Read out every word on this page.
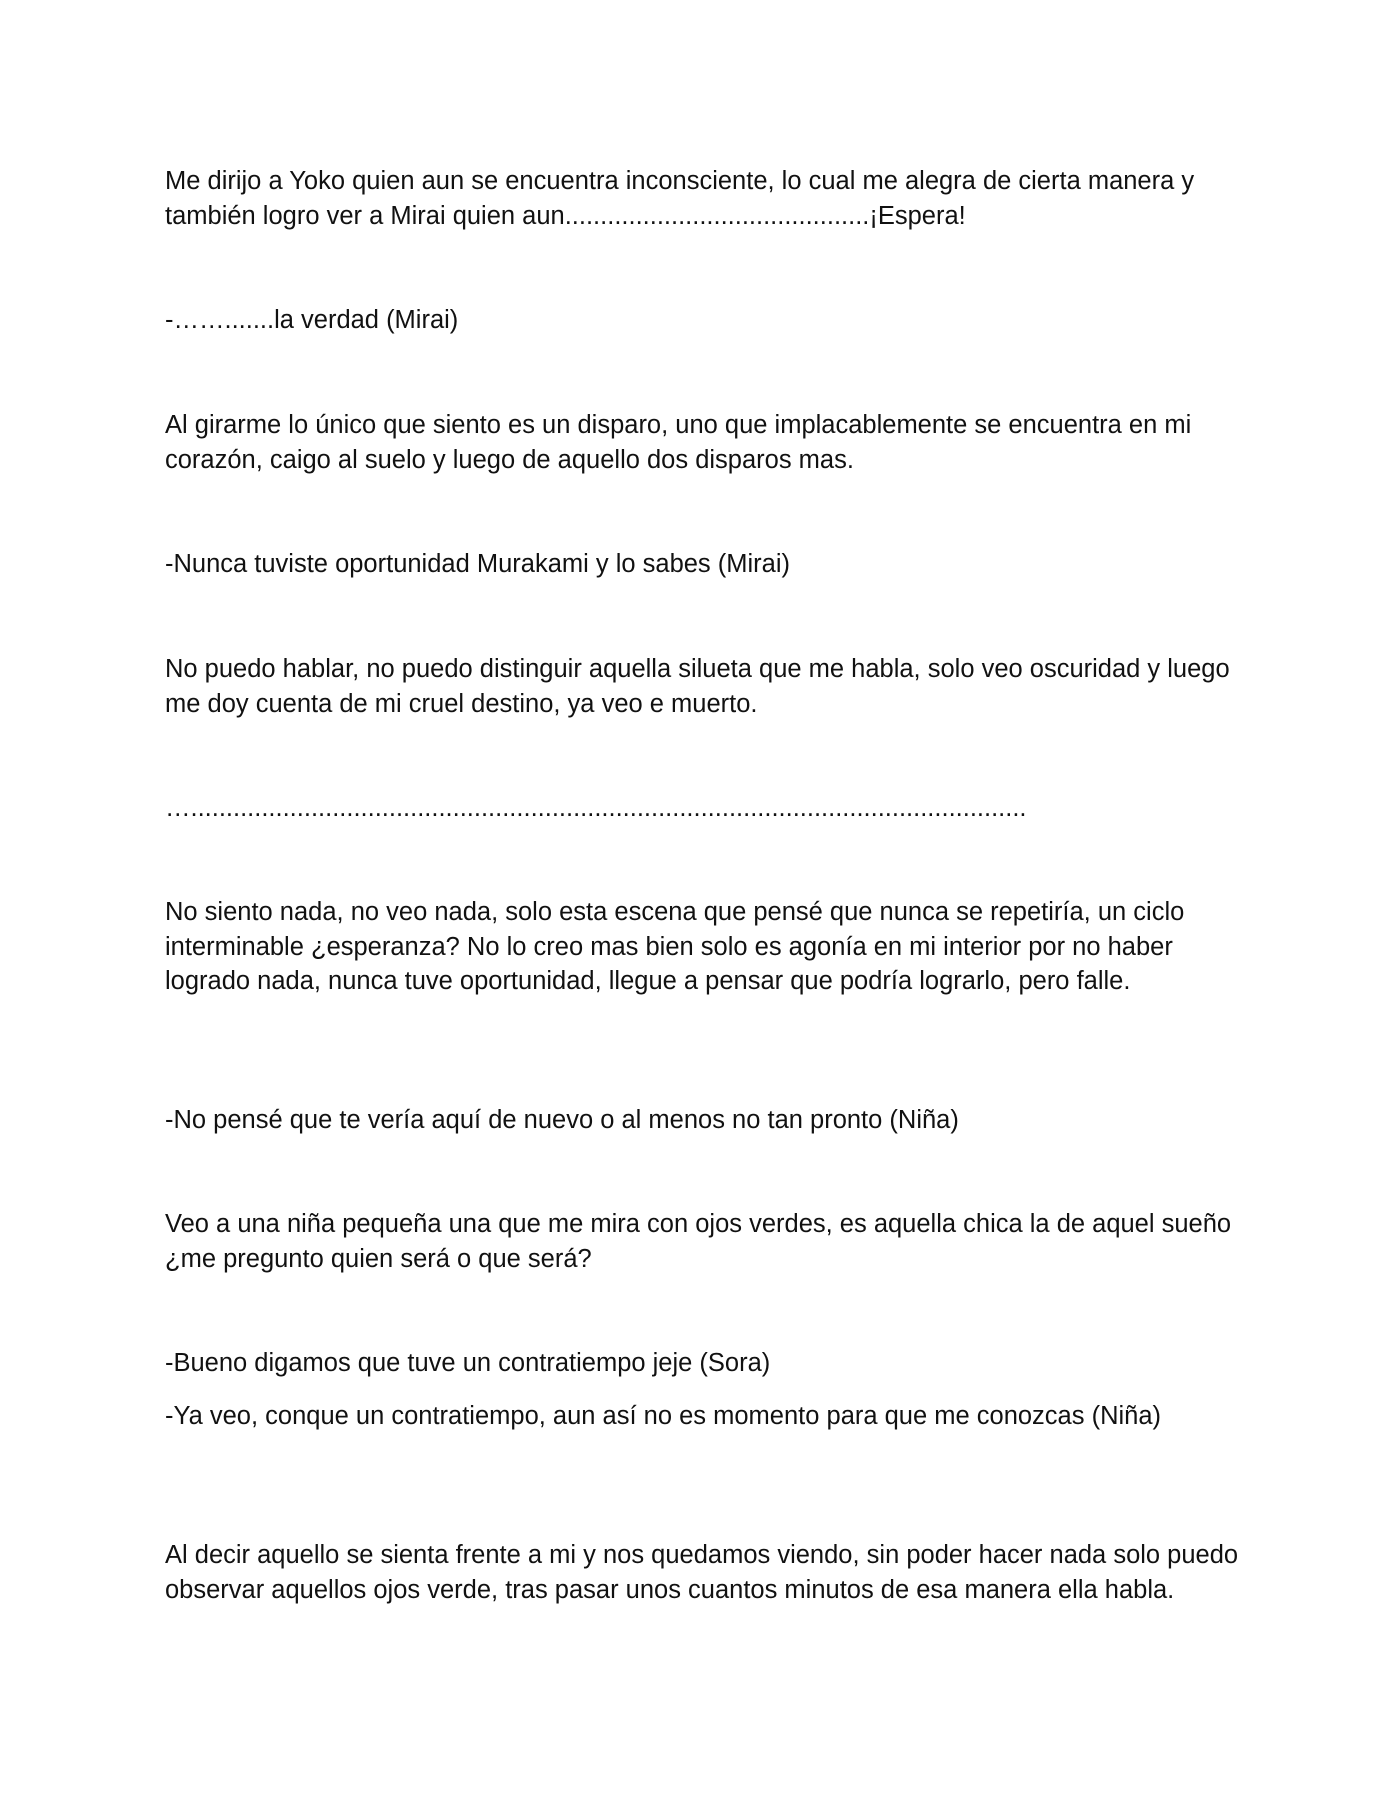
Me dirijo a Yoko quien aun se encuentra inconsciente, lo cual me alegra de cierta manera y también logro ver a Mirai quien aun...........................................¡Espera!

-…….......la verdad (Mirai)

Al girarme lo único que siento es un disparo, uno que implacablemente se encuentra en mi corazón, caigo al suelo y luego de aquello dos disparos mas.

-Nunca tuviste oportunidad Murakami y lo sabes (Mirai)

No puedo hablar, no puedo distinguir aquella silueta que me habla, solo veo oscuridad y luego me doy cuenta de mi cruel destino, ya veo e muerto.

…......................................................................................................................

No siento nada, no veo nada, solo esta escena que pensé que nunca se repetiría, un ciclo interminable ¿esperanza? No lo creo mas bien solo es agonía en mi interior por no haber logrado nada, nunca tuve oportunidad, llegue a pensar que podría lograrlo, pero falle.

-No pensé que te vería aquí de nuevo o al menos no tan pronto (Niña)

Veo a una niña pequeña una que me mira con ojos verdes, es aquella chica la de aquel sueño ¿me pregunto quien será o que será?

-Bueno digamos que tuve un contratiempo jeje (Sora)

-Ya veo, conque un contratiempo, aun así no es momento para que me conozcas (Niña)

Al decir aquello se sienta frente a mi y nos quedamos viendo, sin poder hacer nada solo puedo observar aquellos ojos verde, tras pasar unos cuantos minutos de esa manera ella habla.
